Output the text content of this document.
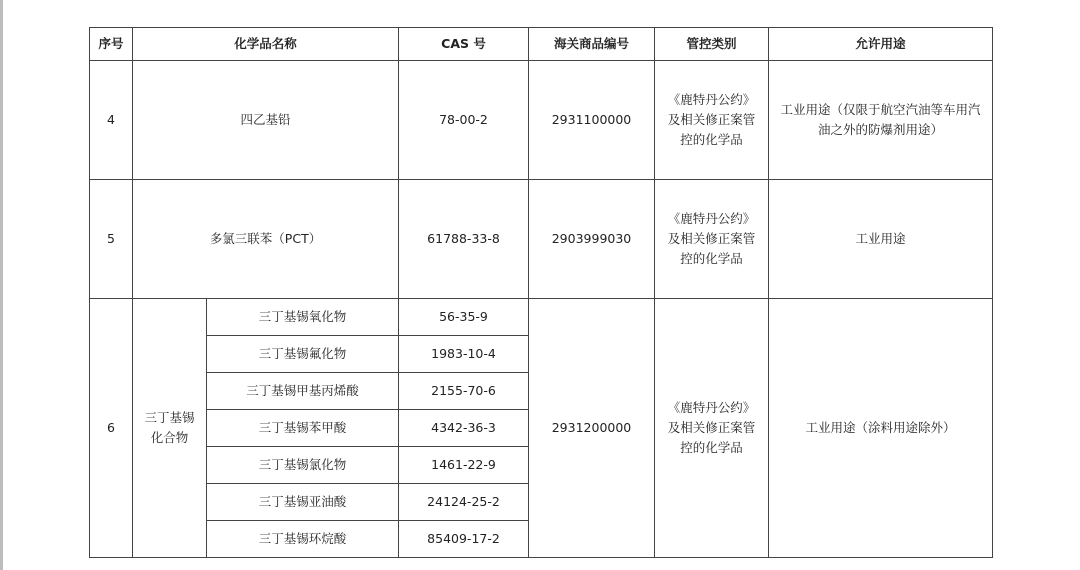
序号	化学品名称		CAS 号	海关商品编号	管控类别	允许用途
4	四乙基铅		78-00-2	2931100000	《鹿特丹公约》
及相关修正案管
控的化学品	工业用途（仅限于航空汽油等车用汽
油之外的防爆剂用途）

5	多氯三联苯（PCT）		61788-33-8	2903999030	《鹿特丹公约》
及相关修正案管
控的化学品	工业用途

6	三丁基锡
化合物	三丁基锡氧化物	56-35-9	2931200000	《鹿特丹公约》
及相关修正案管
控的化学品	工业用途（涂料用途除外）

		三丁基锡氟化物	1983-10-4			
		三丁基锡甲基丙烯酸	2155-70-6			
		三丁基锡苯甲酸	4342-36-3			
		三丁基锡氯化物	1461-22-9			
		三丁基锡亚油酸	24124-25-2			
		三丁基锡环烷酸	85409-17-2			
